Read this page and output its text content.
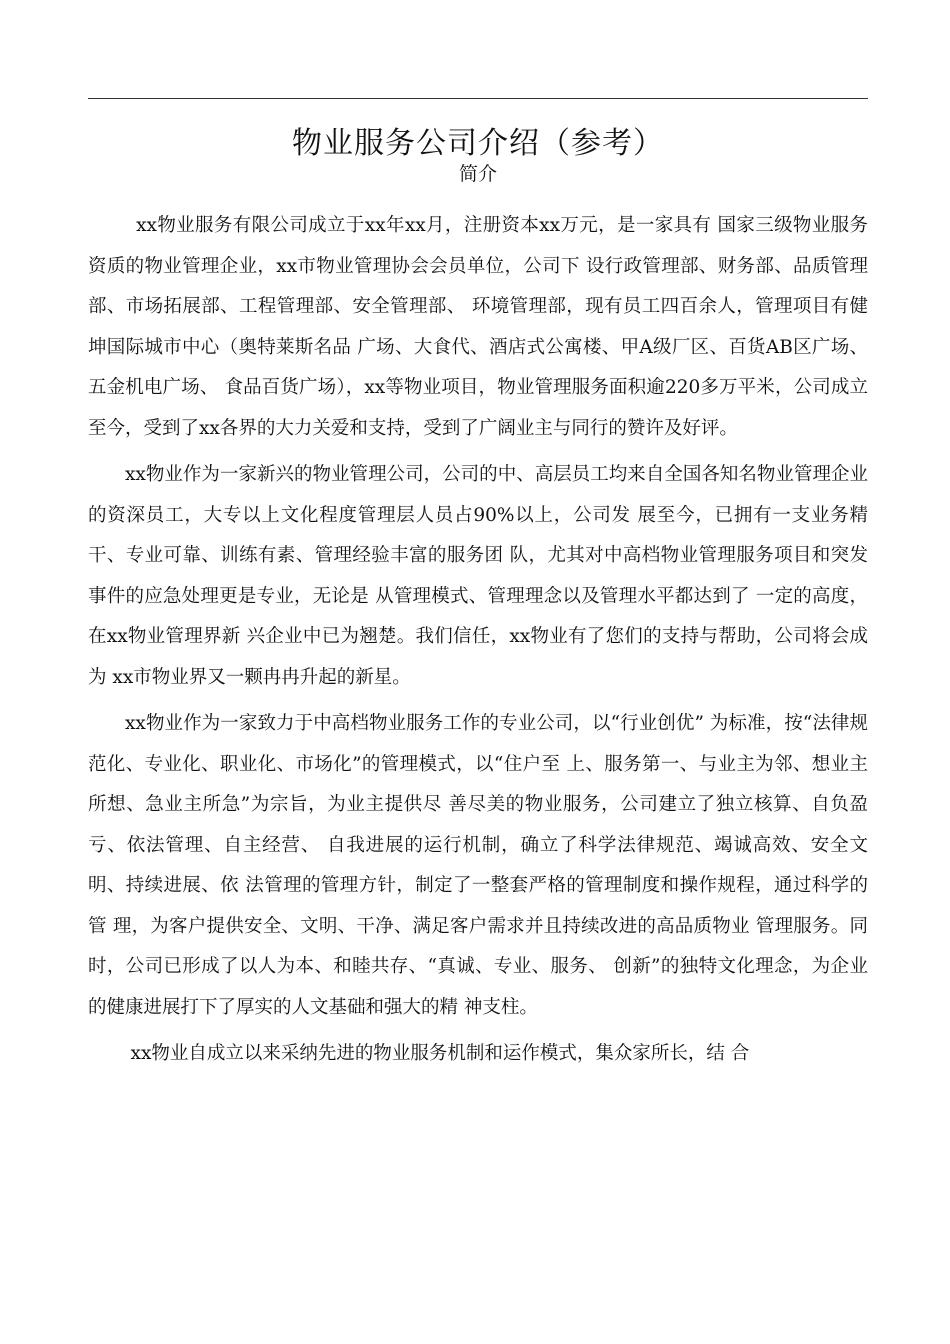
物业服务公司介绍（参考）
简介

xx物业服务有限公司成立于xx年xx月，注册资本xx万元，是一家具有 国家三级物业服务资质的物业管理企业，xx市物业管理协会会员单位，公司下 设行政管理部、财务部、品质管理部、市场拓展部、工程管理部、安全管理部、 环境管理部，现有员工四百余人，管理项目有健坤国际城市中心（奥特莱斯名品 广场、大食代、酒店式公寓楼、甲A级厂区、百货AB区广场、五金机电广场、 食品百货广场），xx等物业项目，物业管理服务面积逾220多万平米，公司成立 至今，受到了xx各界的大力关爱和支持，受到了广阔业主与同行的赞许及好评。

xx物业作为一家新兴的物业管理公司，公司的中、高层员工均来自全国各知名物业管理企业的资深员工，大专以上文化程度管理层人员占90%以上，公司发 展至今，已拥有一支业务精干、专业可靠、训练有素、管理经验丰富的服务团 队，尤其对中高档物业管理服务项目和突发事件的应急处理更是专业，无论是 从管理模式、管理理念以及管理水平都达到了 一定的高度，在xx物业管理界新 兴企业中已为翘楚。我们信任，xx物业有了您们的支持与帮助，公司将会成为 xx市物业界又一颗冉冉升起的新星。

xx物业作为一家致力于中高档物业服务工作的专业公司，以“行业创优” 为标准，按“法律规范化、专业化、职业化、市场化”的管理模式，以“住户至 上、服务第一、与业主为邻、想业主所想、急业主所急”为宗旨，为业主提供尽 善尽美的物业服务，公司建立了独立核算、自负盈亏、依法管理、自主经营、 自我进展的运行机制，确立了科学法律规范、竭诚高效、安全文明、持续进展、依 法管理的管理方针，制定了一整套严格的管理制度和操作规程，通过科学的管 理，为客户提供安全、文明、干净、满足客户需求并且持续改进的高品质物业 管理服务。同时，公司已形成了以人为本、和睦共存、“真诚、专业、服务、 创新”的独特文化理念，为企业的健康进展打下了厚实的人文基础和强大的精 神支柱。

xx物业自成立以来采纳先进的物业服务机制和运作模式，集众家所长，结 合
